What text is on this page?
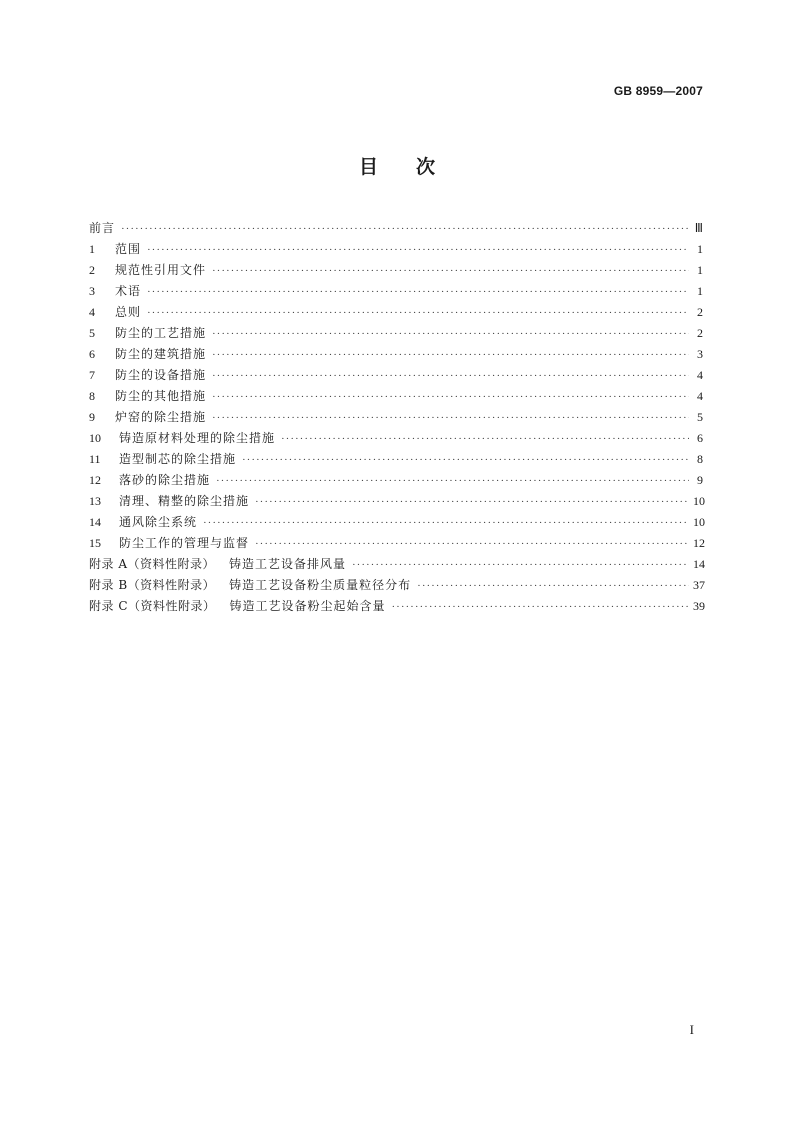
GB 8959—2007
目次
前言 ·····	Ⅲ
1	范围 ·····	1
2	规范性引用文件 ·····	1
3	术语 ·····	1
4	总则 ·····	2
5	防尘的工艺措施 ·····	2
6	防尘的建筑措施 ·····	3
7	防尘的设备措施 ·····	4
8	防尘的其他措施 ·····	4
9	炉窑的除尘措施 ·····	5
10	铸造原材料处理的除尘措施 ·····	6
11	造型制芯的除尘措施 ·····	8
12	落砂的除尘措施 ·····	9
13	清理、精整的除尘措施 ·····	10
14	通风除尘系统 ·····	10
15	防尘工作的管理与监督 ·····	12
附录 A（资料性附录） 铸造工艺设备排风量 ·····	14
附录 B（资料性附录） 铸造工艺设备粉尘质量粒径分布 ·····	37
附录 C（资料性附录） 铸造工艺设备粉尘起始含量 ·····	39
I
